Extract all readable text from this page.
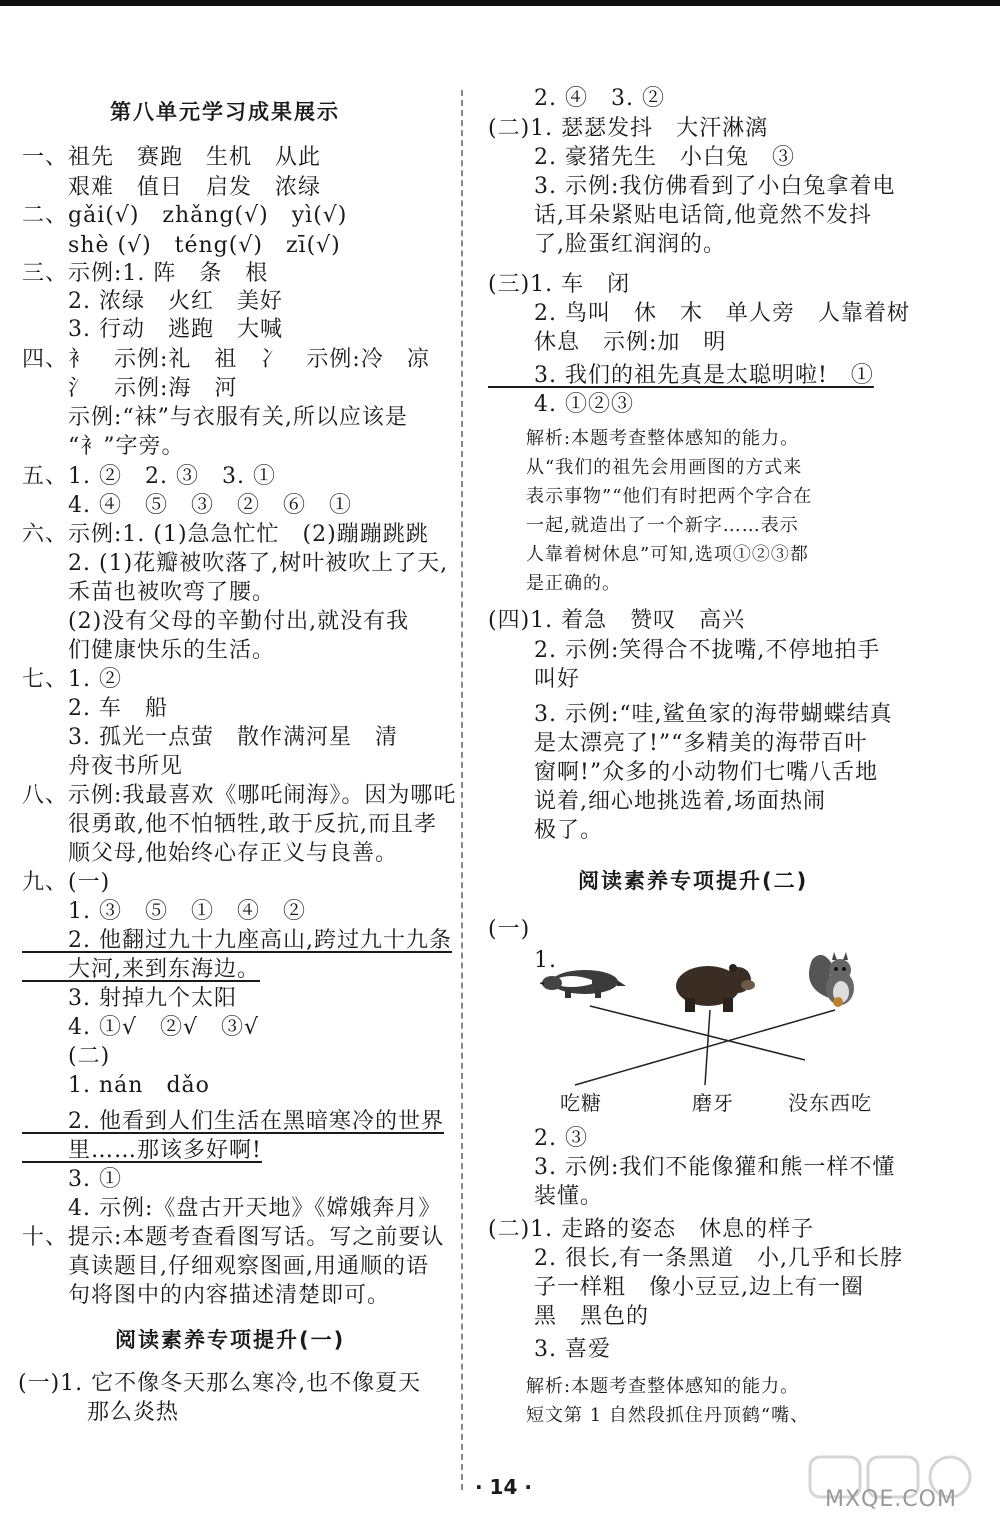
第八单元学习成果展示
一、祖先　赛跑　生机　从此
　　艰难　值日　启发　浓绿
二、gǎi(√)　zhǎng(√)　yì(√)
　　shè (√)　téng(√)　zī(√)
三、示例:1. 阵　条　根
　　2. 浓绿　火红　美好
　　3. 行动　逃跑　大喊
四、衤　示例:礼　祖　冫　示例:冷　凉
　　氵　示例:海　河
　　示例:“袜”与衣服有关,所以应该是
　　“衤”字旁。
五、1. ②　2. ③　3. ①
　　4. ④　⑤　③　②　⑥　①
六、示例:1. (1)急急忙忙　(2)蹦蹦跳跳
　　2. (1)花瓣被吹落了,树叶被吹上了天,
　　禾苗也被吹弯了腰。
　　(2)没有父母的辛勤付出,就没有我
　　们健康快乐的生活。
七、1. ②
　　2. 车　船
　　3. 孤光一点萤　散作满河星　清
　　舟夜书所见
八、示例:我最喜欢《哪吒闹海》。因为哪吒
　　很勇敢,他不怕牺牲,敢于反抗,而且孝
　　顺父母,他始终心存正义与良善。
九、(一)
　　1. ③　⑤　①　④　②
　　2. 他翻过九十九座高山,跨过九十九条
　　大河,来到东海边。
　　3. 射掉九个太阳
　　4. ①√　②√　③√
　　(二)
　　1. nán　dǎo
　　2. 他看到人们生活在黑暗寒冷的世界
　　里……那该多好啊!
　　3. ①
　　4. 示例:《盘古开天地》《嫦娥奔月》
十、提示:本题考查看图写话。写之前要认
　　真读题目,仔细观察图画,用通顺的语
　　句将图中的内容描述清楚即可。
阅读素养专项提升(一)
(一)1. 它不像冬天那么寒冷,也不像夏天
　　　那么炎热
　　2. ④　3. ②
(二)1. 瑟瑟发抖　大汗淋漓
　　2. 豪猪先生　小白兔　③
　　3. 示例:我仿佛看到了小白兔拿着电
　　话,耳朵紧贴电话筒,他竟然不发抖
　　了,脸蛋红润润的。
(三)1. 车　闭
　　2. 鸟叫　休　木　单人旁　人靠着树
　　休息　示例:加　明
　　3. 我们的祖先真是太聪明啦!　①
　　4. ①②③
　　解析:本题考查整体感知的能力。
　　从“我们的祖先会用画图的方式来
　　表示事物”“他们有时把两个字合在
　　一起,就造出了一个新字……表示
　　人靠着树休息”可知,选项①②③都
　　是正确的。
(四)1. 着急　赞叹　高兴
　　2. 示例:笑得合不拢嘴,不停地拍手
　　叫好
　　3. 示例:“哇,鲨鱼家的海带蝴蝶结真
　　是太漂亮了!”“多精美的海带百叶
　　窗啊!”众多的小动物们七嘴八舌地
　　说着,细心地挑选着,场面热闹
　　极了。
阅读素养专项提升(二)
(一)
　　1.
　　2. ③
　　3. 示例:我们不能像獾和熊一样不懂
　　装懂。
(二)1. 走路的姿态　休息的样子
　　2. 很长,有一条黑道　小,几乎和长脖
　　子一样粗　像小豆豆,边上有一圈
　　黑　黑色的
　　3. 喜爱
　　解析:本题考查整体感知的能力。
　　短文第 1 自然段抓住丹顶鹤“嘴、
吃糖	磨牙	没东西吃
· 14 ·	MXQE.COM
